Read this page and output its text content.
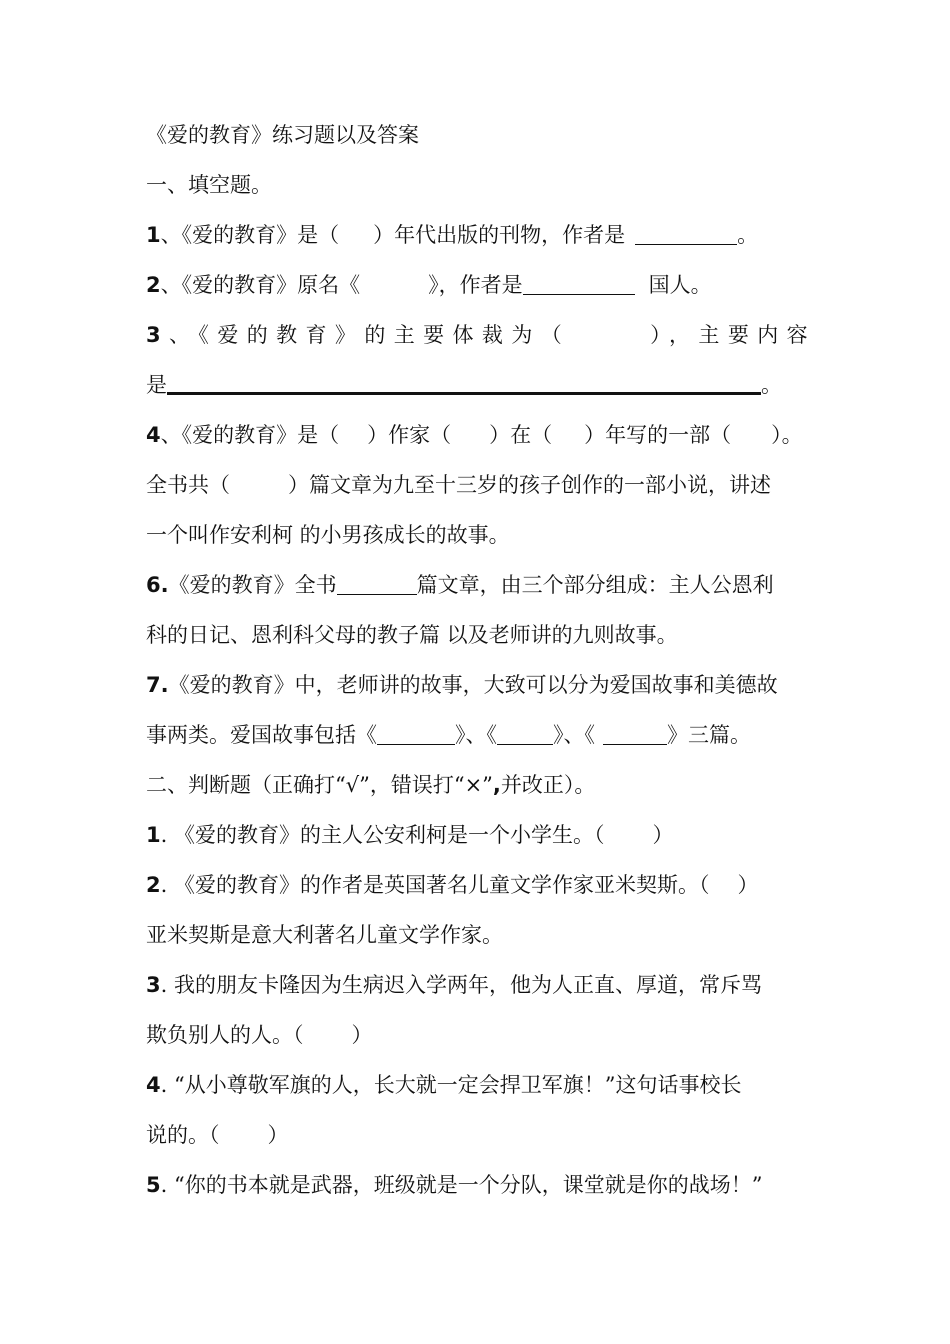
《爱的教育》练习题以及答案
一、填空题。
1、《爱的教育》是（ ）年代出版的刊物，作者是	。
2、《爱的教育》原名《	》，作者是	国人。
3、《爱的教育》的主要体裁为（	），主要内容
是	。
4、《爱的教育》是（ ）作家（ ）在（ ）年写的一部（ ）。
全书共（	）篇文章为九至十三岁的孩子创作的一部小说，讲述
一个叫作安利柯 的小男孩成长的故事。
6.《爱的教育》全书	篇文章，由三个部分组成：主人公恩利
科的日记、恩利科父母的教子篇 以及老师讲的九则故事。
7.《爱的教育》中，老师讲的故事，大致可以分为爱国故事和美德故
事两类。爱国故事包括《	》、《	》、《	》三篇。
二、判断题（正确打“√”，错误打“×”,并改正）。
1. 《爱的教育》的主人公安利柯是一个小学生。（ ）
2. 《爱的教育》的作者是英国著名儿童文学作家亚米契斯。（ ）
亚米契斯是意大利著名儿童文学作家。
3. 我的朋友卡隆因为生病迟入学两年，他为人正直、厚道，常斥骂
欺负别人的人。（ ）
4. “从小尊敬军旗的人，长大就一定会捍卫军旗！”这句话事校长
说的。（ ）
5. “你的书本就是武器，班级就是一个分队，课堂就是你的战场！”
